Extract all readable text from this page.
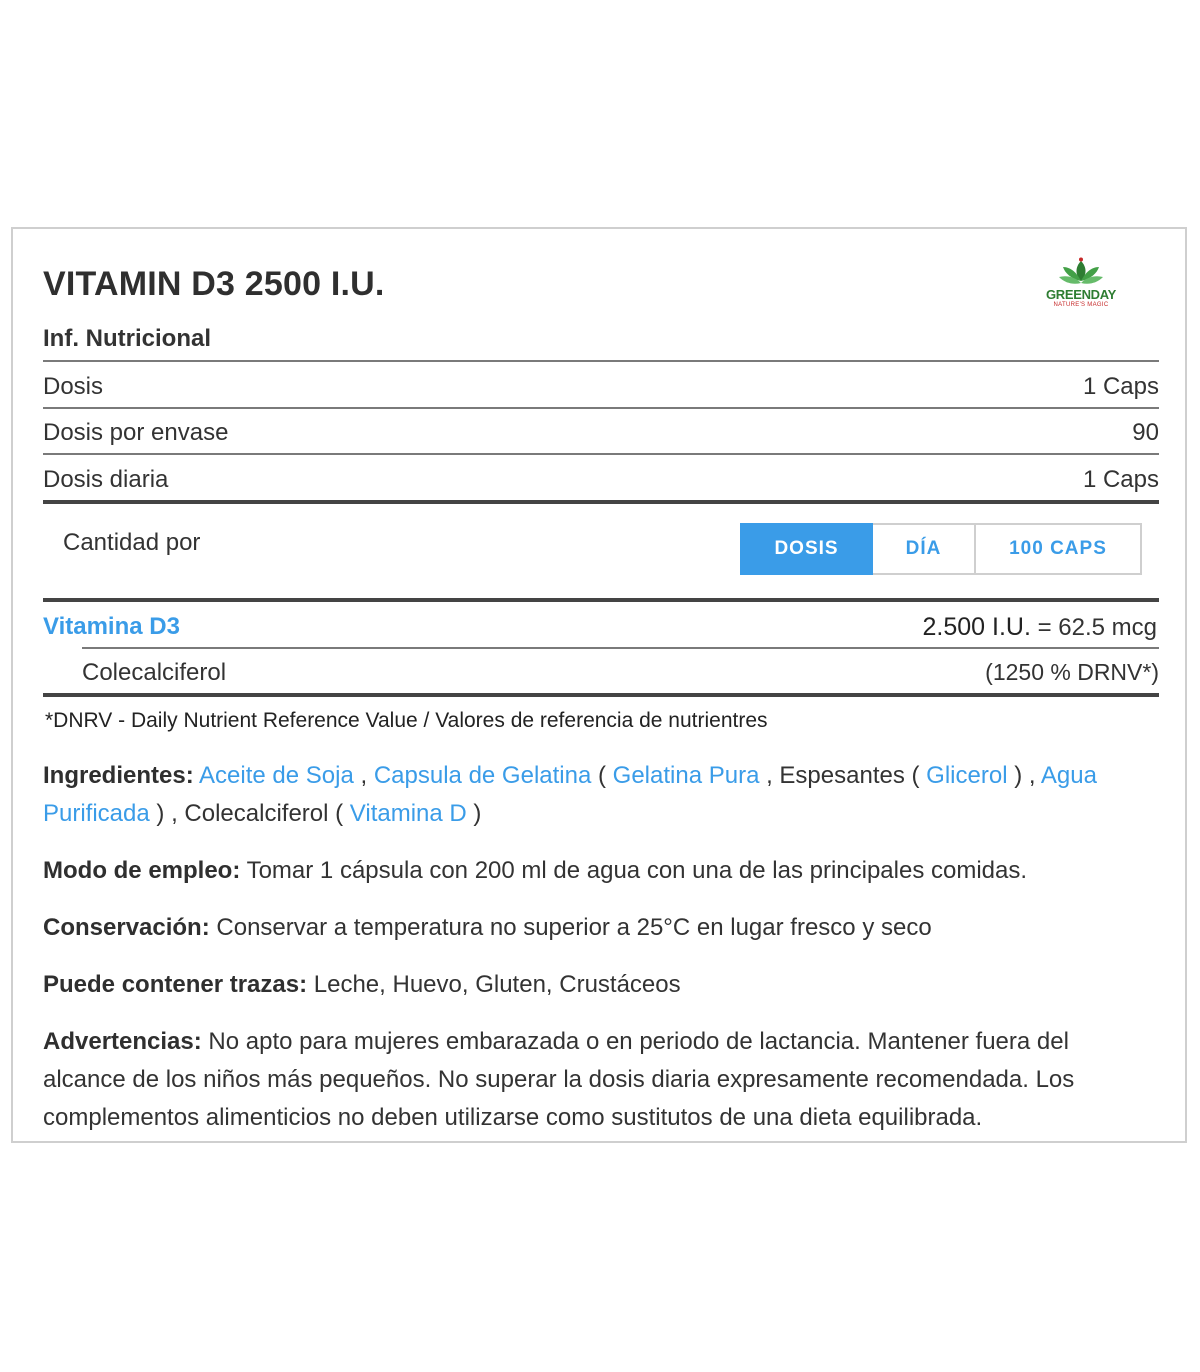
VITAMIN D3 2500 I.U.	GREENDAY
NATURE'S MAGIC
Inf. Nutricional
Dosis	1 Caps
Dosis por envase	90
Dosis diaria	1 Caps
Cantidad por	DOSIS	DÍA	100 CAPS
Vitamina D3	2.500 I.U. = 62.5 mcg
Colecalciferol	(1250 % DRNV*)
*DNRV - Daily Nutrient Reference Value / Valores de referencia de nutrientres
Ingredientes: Aceite de Soja , Capsula de Gelatina ( Gelatina Pura , Espesantes ( Glicerol ) , Agua Purificada ) , Colecalciferol ( Vitamina D )
Modo de empleo: Tomar 1 cápsula con 200 ml de agua con una de las principales comidas.
Conservación: Conservar a temperatura no superior a 25°C en lugar fresco y seco
Puede contener trazas: Leche, Huevo, Gluten, Crustáceos
Advertencias: No apto para mujeres embarazada o en periodo de lactancia. Mantener fuera del alcance de los niños más pequeños. No superar la dosis diaria expresamente recomendada. Los complementos alimenticios no deben utilizarse como sustitutos de una dieta equilibrada.
